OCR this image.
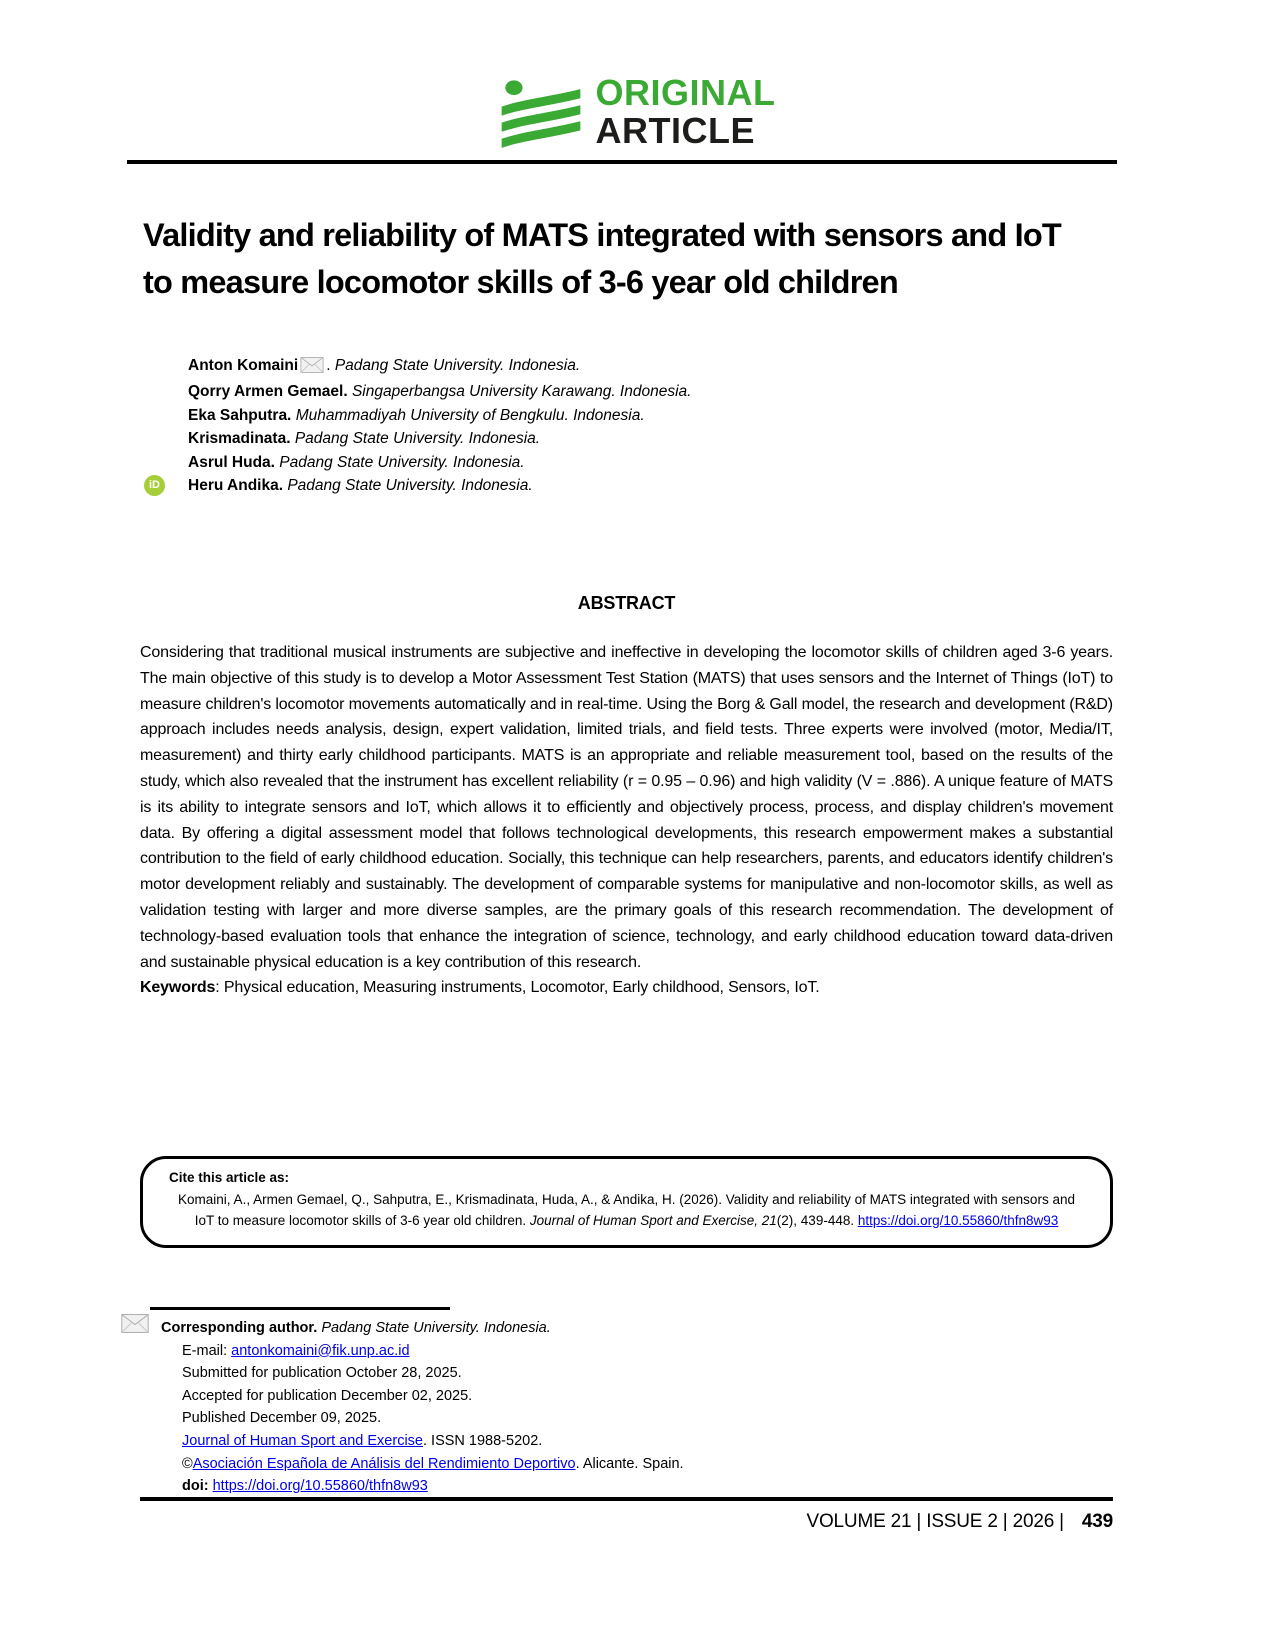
ORIGINAL
ARTICLE
Validity and reliability of MATS integrated with sensors and IoT to measure locomotor skills of 3-6 year old children
Anton Komaini . Padang State University. Indonesia.
Qorry Armen Gemael. Singaperbangsa University Karawang. Indonesia.
Eka Sahputra. Muhammadiyah University of Bengkulu. Indonesia.
Krismadinata. Padang State University. Indonesia.
Asrul Huda. Padang State University. Indonesia.
Heru Andika. Padang State University. Indonesia.
iD
ABSTRACT

Considering that traditional musical instruments are subjective and ineffective in developing the locomotor skills of children aged 3-6 years. The main objective of this study is to develop a Motor Assessment Test Station (MATS) that uses sensors and the Internet of Things (IoT) to measure children's locomotor movements automatically and in real-time. Using the Borg & Gall model, the research and development (R&D) approach includes needs analysis, design, expert validation, limited trials, and field tests. Three experts were involved (motor, Media/IT, measurement) and thirty early childhood participants. MATS is an appropriate and reliable measurement tool, based on the results of the study, which also revealed that the instrument has excellent reliability (r = 0.95 – 0.96) and high validity (V = .886). A unique feature of MATS is its ability to integrate sensors and IoT, which allows it to efficiently and objectively process, process, and display children's movement data. By offering a digital assessment model that follows technological developments, this research empowerment makes a substantial contribution to the field of early childhood education. Socially, this technique can help researchers, parents, and educators identify children's motor development reliably and sustainably. The development of comparable systems for manipulative and non-locomotor skills, as well as validation testing with larger and more diverse samples, are the primary goals of this research recommendation. The development of technology-based evaluation tools that enhance the integration of science, technology, and early childhood education toward data-driven and sustainable physical education is a key contribution of this research.

Keywords: Physical education, Measuring instruments, Locomotor, Early childhood, Sensors, IoT.

Cite this article as:
Komaini, A., Armen Gemael, Q., Sahputra, E., Krismadinata, Huda, A., & Andika, H. (2026). Validity and reliability of MATS integrated with sensors and IoT to measure locomotor skills of 3-6 year old children. Journal of Human Sport and Exercise, 21(2), 439-448. https://doi.org/10.55860/thfn8w93
Corresponding author. Padang State University. Indonesia.
E-mail: antonkomaini@fik.unp.ac.id
Submitted for publication October 28, 2025.
Accepted for publication December 02, 2025.
Published December 09, 2025.
Journal of Human Sport and Exercise. ISSN 1988-5202.
©Asociación Española de Análisis del Rendimiento Deportivo. Alicante. Spain.
doi: https://doi.org/10.55860/thfn8w93
VOLUME 21 | ISSUE 2 | 2026 | 439
